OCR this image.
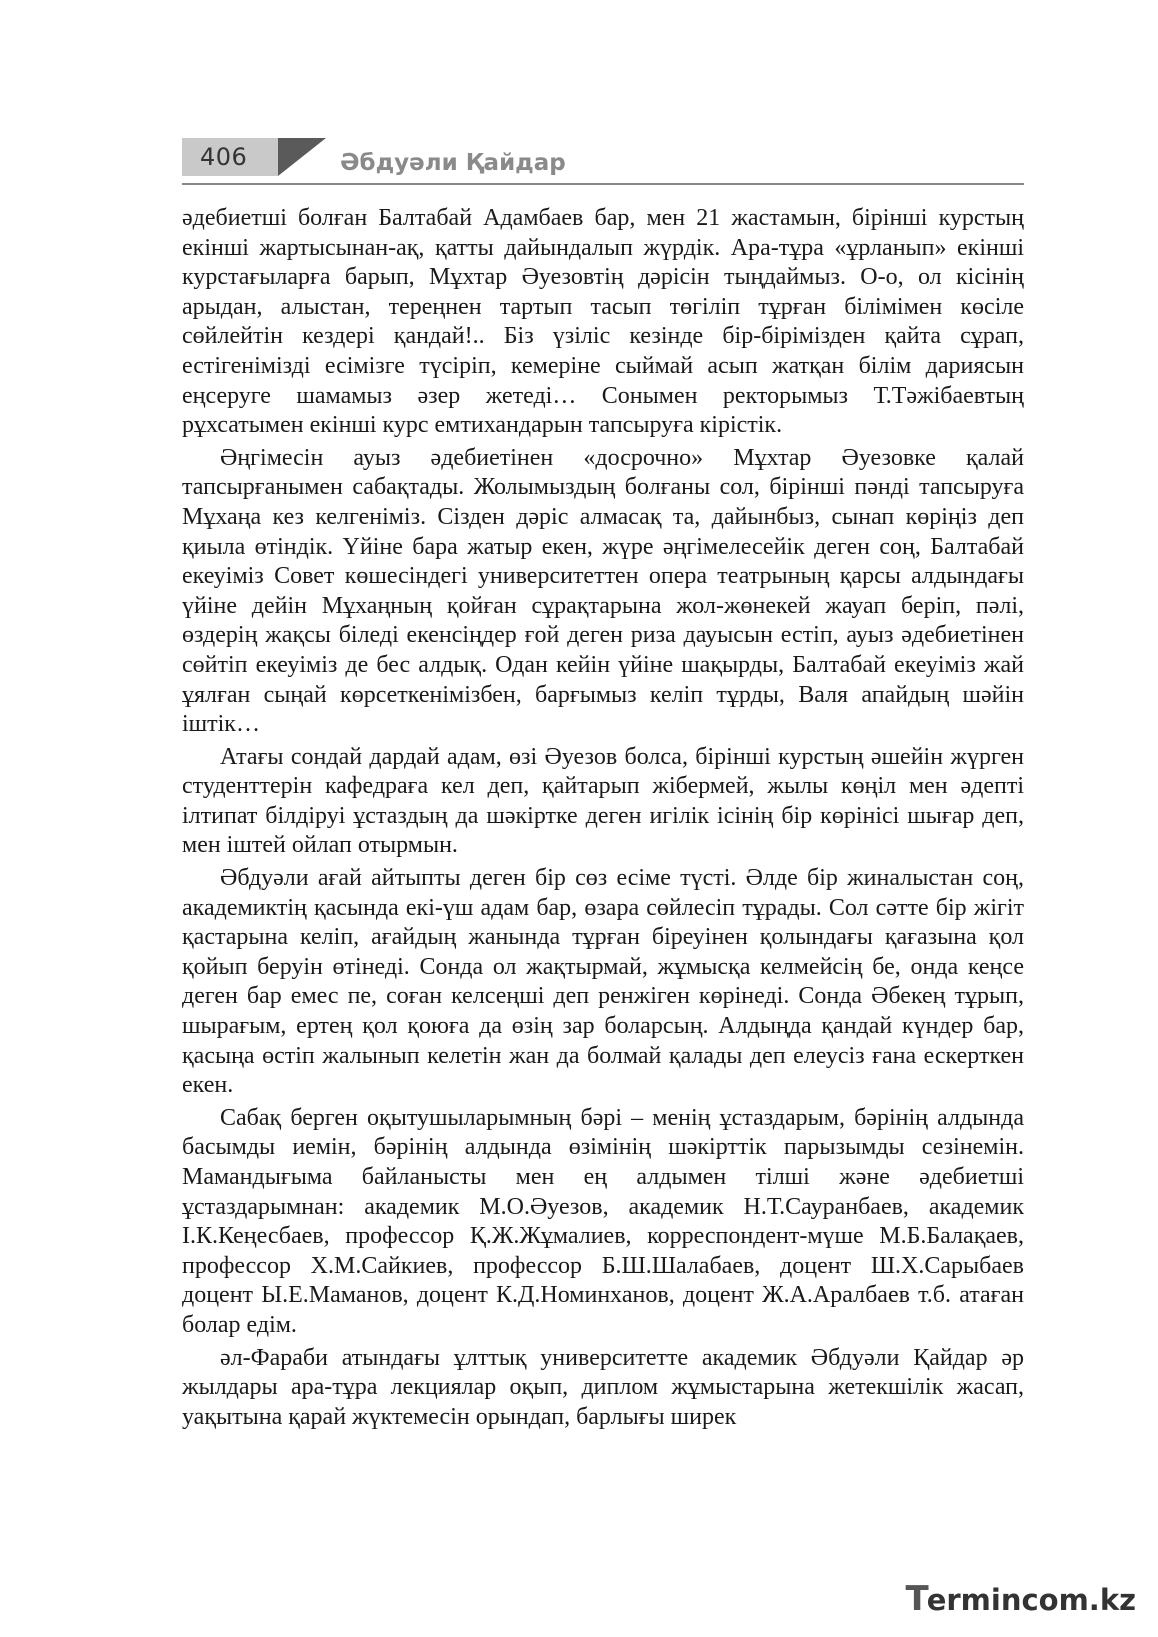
406	Әбдуәли Қайдар

әдебиетші болған Балтабай Адамбаев бар, мен 21 жастамын, бірінші курстың екінші жартысынан-ақ, қатты дайындалып жүрдік. Ара-тұра «ұрланып» екінші курстағыларға барып, Мұхтар Әуезовтің дәрісін тыңдаймыз. О-о, ол кісінің арыдан, алыстан, тереңнен тартып тасып төгіліп тұрған білімімен көсіле сөйлейтін кездері қандай!.. Біз үзіліс кезінде бір-бірімізден қайта сұрап, естігенімізді есімізге түсіріп, кемеріне сыймай асып жатқан білім дариясын еңсеруге шамамыз әзер жетеді… Сонымен ректорымыз Т.Тәжібаевтың рұхсатымен екінші курс емтихандарын тапсыруға кірістік.

Әңгімесін ауыз әдебиетінен «досрочно» Мұхтар Әуезовке қалай тапсырғанымен сабақтады. Жолымыздың болғаны сол, бірінші пәнді тапсыруға Мұхаңа кез келгеніміз. Сізден дәріс алмасақ та, дайынбыз, сынап көріңіз деп қиыла өтіндік. Үйіне бара жатыр екен, жүре әңгімелесейік деген соң, Балтабай екеуіміз Совет көшесіндегі университеттен опера театрының қарсы алдындағы үйіне дейін Мұхаңның қойған сұрақтарына жол-жөнекей жауап беріп, пәлі, өздерің жақсы біледі екенсіңдер ғой деген риза дауысын естіп, ауыз әдебиетінен сөйтіп екеуіміз де бес алдық. Одан кейін үйіне шақырды, Балтабай екеуіміз жай ұялған сыңай көрсеткенімізбен, барғымыз келіп тұрды, Валя апайдың шәйін іштік…

Атағы сондай дардай адам, өзі Әуезов болса, бірінші курстың әшейін жүрген студенттерін кафедраға кел деп, қайтарып жібермей, жылы көңіл мен әдепті ілтипат білдіруі ұстаздың да шәкіртке деген игілік ісінің бір көрінісі шығар деп, мен іштей ойлап отырмын.

Әбдуәли ағай айтыпты деген бір сөз есіме түсті. Әлде бір жиналыстан соң, академиктің қасында екі-үш адам бар, өзара сөйлесіп тұрады. Сол сәтте бір жігіт қастарына келіп, ағайдың жанында тұрған біреуінен қолындағы қағазына қол қойып беруін өтінеді. Сонда ол жақтырмай, жұмысқа келмейсің бе, онда кеңсе деген бар емес пе, соған келсеңші деп ренжіген көрінеді. Сонда Әбекең тұрып, шырағым, ертең қол қоюға да өзің зар боларсың. Алдыңда қандай күндер бар, қасыңа өстіп жалынып келетін жан да болмай қалады деп елеусіз ғана ескерткен екен.

Сабақ берген оқытушыларымның бәрі – менің ұстаздарым, бәрінің алдында басымды иемін, бәрінің алдында өзімінің шәкірттік парызымды сезінемін. Мамандығыма байланысты мен ең алдымен тілші және әдебиетші ұстаздарымнан: академик М.О.Әуезов, академик Н.Т.Сауранбаев, академик І.К.Кеңесбаев, профессор Қ.Ж.Жұмалиев, корреспондент-мүше М.Б.Балақаев, профессор Х.М.Сайкиев, профессор Б.Ш.Шалабаев, доцент Ш.Х.Сарыбаев доцент Ы.Е.Маманов, доцент К.Д.Номинханов, доцент Ж.А.Аралбаев т.б. атаған болар едім.

әл-Фараби атындағы ұлттық университетте академик Әбдуәли Қайдар әр жылдары ара-тұра лекциялар оқып, диплом жұмыстарына жетекшілік жасап, уақытына қарай жүктемесін орындап, барлығы ширек

Termincom.kz
